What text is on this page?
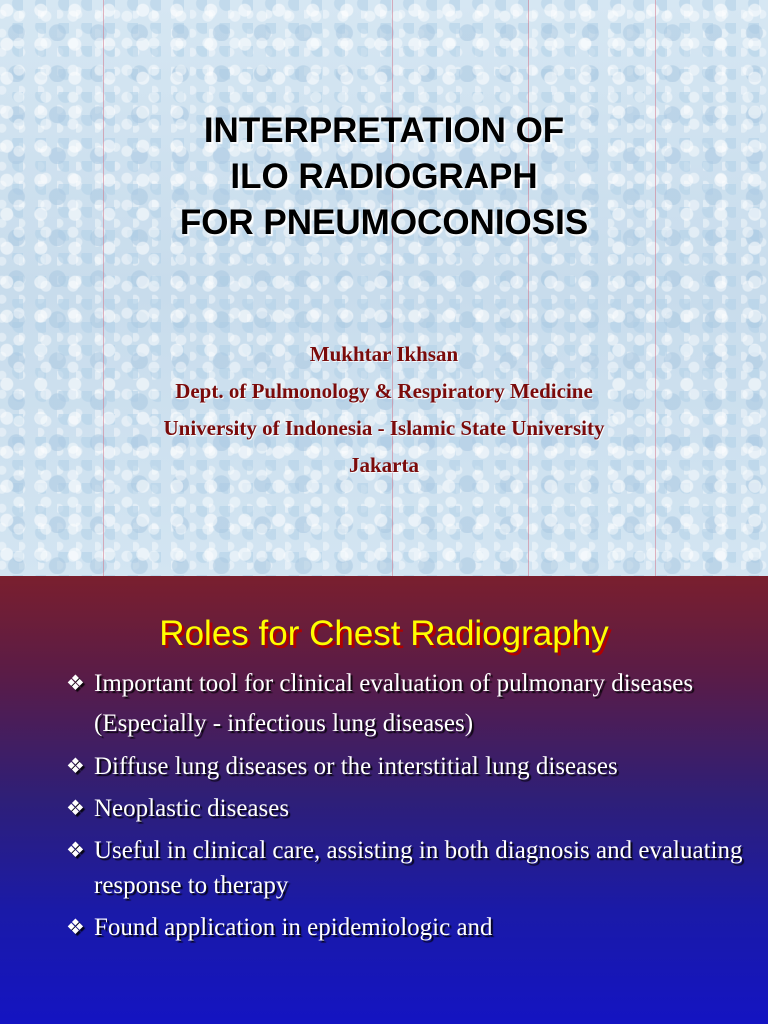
INTERPRETATION OF
ILO RADIOGRAPH
FOR PNEUMOCONIOSIS
Mukhtar Ikhsan
Dept. of Pulmonology & Respiratory Medicine
University of Indonesia - Islamic State University
Jakarta
Roles for Chest Radiography
❖ Important tool for clinical evaluation of pulmonary diseases
(Especially - infectious lung diseases)
❖ Diffuse lung diseases or the interstitial lung diseases
❖ Neoplastic diseases
❖ Useful in clinical care, assisting in both diagnosis and evaluating response to therapy
❖ Found application in epidemiologic and
